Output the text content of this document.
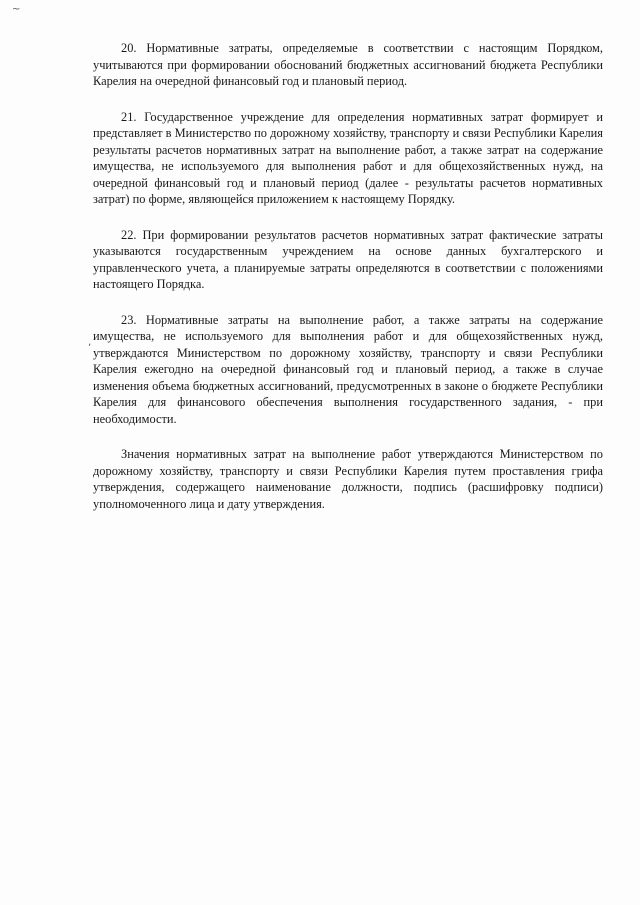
~
,

20. Нормативные затраты, определяемые в соответствии с настоящим Порядком, учитываются при формировании обоснований бюджетных ассигнований бюджета Республики Карелия на очередной финансовый год и плановый период.

21. Государственное учреждение для определения нормативных затрат формирует и представляет в Министерство по дорожному хозяйству, транспорту и связи Республики Карелия результаты расчетов нормативных затрат на выполнение работ, а также затрат на содержание имущества, не используемого для выполнения работ и для общехозяйственных нужд, на очередной финансовый год и плановый период (далее - результаты расчетов нормативных затрат) по форме, являющейся приложением к настоящему Порядку.

22. При формировании результатов расчетов нормативных затрат фактические затраты указываются государственным учреждением на основе данных бухгалтерского и управленческого учета, а планируемые затраты определяются в соответствии с положениями настоящего Порядка.

23. Нормативные затраты на выполнение работ, а также затраты на содержание имущества, не используемого для выполнения работ и для общехозяйственных нужд, утверждаются Министерством по дорожному хозяйству, транспорту и связи Республики Карелия ежегодно на очередной финансовый год и плановый период, а также в случае изменения объема бюджетных ассигнований, предусмотренных в законе о бюджете Республики Карелия для финансового обеспечения выполнения государственного задания, - при необходимости.

Значения нормативных затрат на выполнение работ утверждаются Министерством по дорожному хозяйству, транспорту и связи Республики Карелия путем проставления грифа утверждения, содержащего наименование должности, подпись (расшифровку подписи) уполномоченного лица и дату утверждения.
